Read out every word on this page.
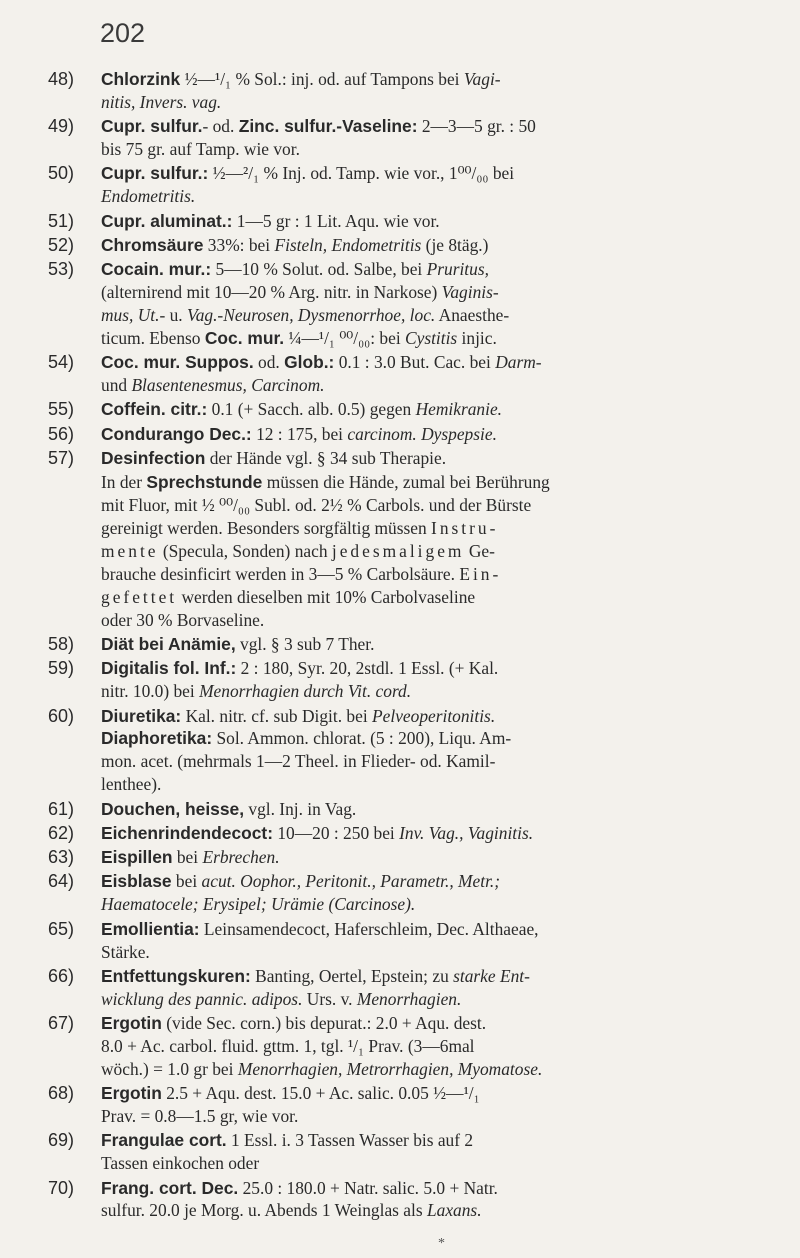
202
48)	Chlorzink ½—¹/₁ % Sol.: inj. od. auf Tampons bei Vagi-
nitis, Invers. vag.
49)	Cupr. sulfur.- od. Zinc. sulfur.-Vaseline: 2—3—5 gr. : 50
bis 75 gr. auf Tamp. wie vor.
50)	Cupr. sulfur.: ½—²/₁ % Inj. od. Tamp. wie vor., 1⁰⁰/₀₀ bei
Endometritis.
51)	Cupr. aluminat.: 1—5 gr : 1 Lit. Aqu. wie vor.
52)	Chromsäure 33%: bei Fisteln, Endometritis (je 8täg.)
53)	Cocain. mur.: 5—10 % Solut. od. Salbe, bei Pruritus,
(alternirend mit 10—20 % Arg. nitr. in Narkose) Vaginis-
mus, Ut.- u. Vag.-Neurosen, Dysmenorrhoe, loc. Anaesthe-
ticum. Ebenso Coc. mur. ¼—¹/₁ ⁰⁰/₀₀: bei Cystitis injic.
54)	Coc. mur. Suppos. od. Glob.: 0.1 : 3.0 But. Cac. bei Darm-
und Blasentenesmus, Carcinom.
55)	Coffein. citr.: 0.1 (+ Sacch. alb. 0.5) gegen Hemikranie.
56)	Condurango Dec.: 12 : 175, bei carcinom. Dyspepsie.
57)	Desinfection der Hände vgl. § 34 sub Therapie.
In der Sprechstunde müssen die Hände, zumal bei Berührung
mit Fluor, mit ½ ⁰⁰/₀₀ Subl. od. 2½ % Carbols. und der Bürste
gereinigt werden. Besonders sorgfältig müssen Instru-
mente (Specula, Sonden) nach jedesmaligem Ge-
brauche desinficirt werden in 3—5 % Carbolsäure. Ein-
gefettet werden dieselben mit 10% Carbolvaseline
oder 30 % Borvaseline.
58)	Diät bei Anämie, vgl. § 3 sub 7 Ther.
59)	Digitalis fol. Inf.: 2 : 180, Syr. 20, 2stdl. 1 Essl. (+ Kal.
nitr. 10.0) bei Menorrhagien durch Vit. cord.
60)	Diuretika: Kal. nitr. cf. sub Digit. bei Pelveoperitonitis.
Diaphoretika: Sol. Ammon. chlorat. (5 : 200), Liqu. Am-
mon. acet. (mehrmals 1—2 Theel. in Flieder- od. Kamil-
lenthee).
61)	Douchen, heisse, vgl. Inj. in Vag.
62)	Eichenrindendecoct: 10—20 : 250 bei Inv. Vag., Vaginitis.
63)	Eispillen bei Erbrechen.
64)	Eisblase bei acut. Oophor., Peritonit., Parametr., Metr.;
Haematocele; Erysipel; Urämie (Carcinose).
65)	Emollientia: Leinsamendecoct, Haferschleim, Dec. Althaeae,
Stärke.
66)	Entfettungskuren: Banting, Oertel, Epstein; zu starke Ent-
wicklung des pannic. adipos. Urs. v. Menorrhagien.
67)	Ergotin (vide Sec. corn.) bis depurat.: 2.0 + Aqu. dest.
8.0 + Ac. carbol. fluid. gttm. 1, tgl. ¹/₁ Prav. (3—6mal
wöch.) = 1.0 gr bei Menorrhagien, Metrorrhagien, Myomatose.
68)	Ergotin 2.5 + Aqu. dest. 15.0 + Ac. salic. 0.05 ½—¹/₁
Prav. = 0.8—1.5 gr, wie vor.
69)	Frangulae cort. 1 Essl. i. 3 Tassen Wasser bis auf 2
Tassen einkochen oder
70)	Frang. cort. Dec. 25.0 : 180.0 + Natr. salic. 5.0 + Natr.
sulfur. 20.0 je Morg. u. Abends 1 Weinglas als Laxans.
*
